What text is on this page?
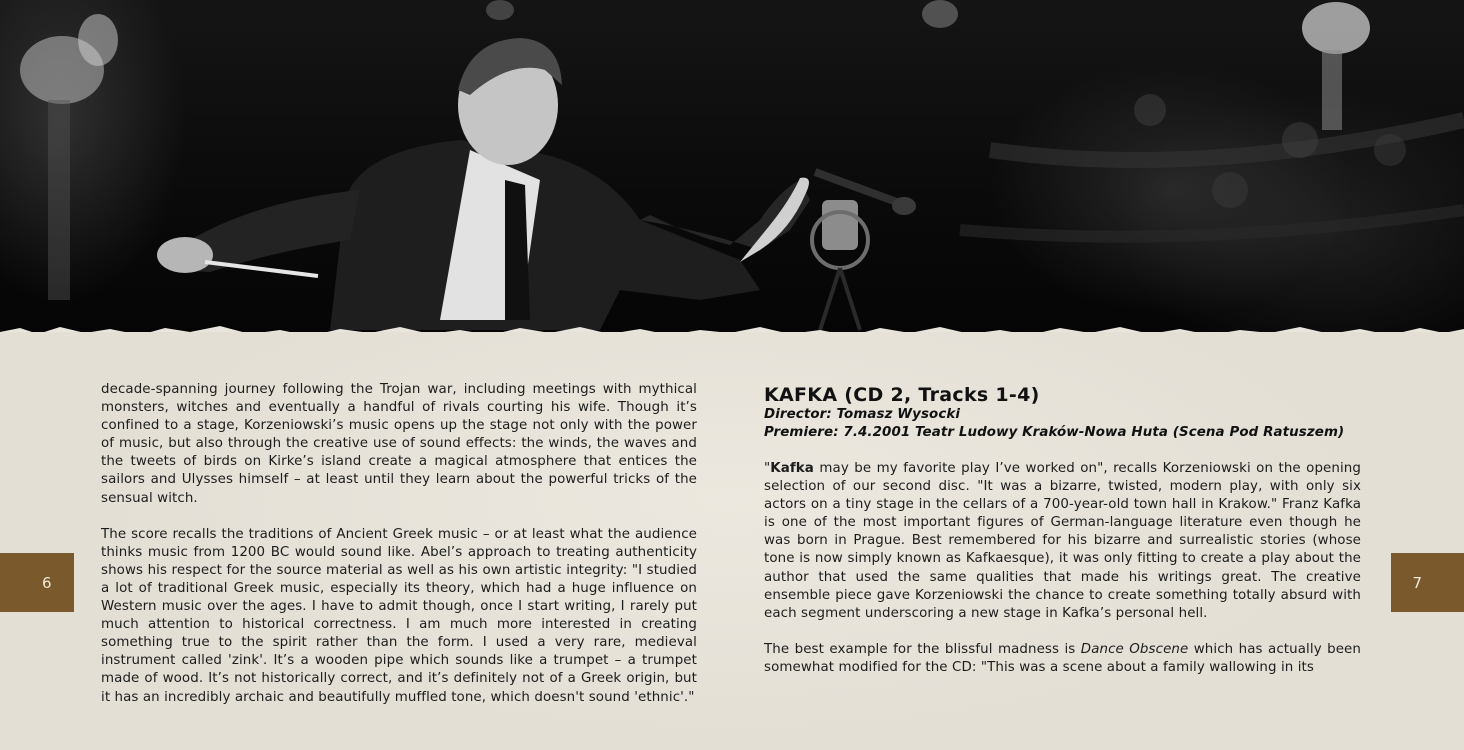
decade-spanning journey following the Trojan war, including meetings with mythical monsters, witches and eventually a handful of rivals courting his wife. Though it’s confined to a stage, Korzeniowski’s music opens up the stage not only with the power of music, but also through the creative use of sound effects: the winds, the waves and the tweets of birds on Kirke’s island create a magical atmosphere that entices the sailors and Ulysses himself – at least until they learn about the powerful tricks of the sensual witch.

The score recalls the traditions of Ancient Greek music – or at least what the audience thinks music from 1200 BC would sound like. Abel’s approach to treating authenticity shows his respect for the source material as well as his own artistic integrity: "I studied a lot of traditional Greek music, especially its theory, which had a huge influence on Western music over the ages. I have to admit though, once I start writing, I rarely put much attention to historical correctness. I am much more interested in creating something true to the spirit rather than the form. I used a very rare, medieval instrument called 'zink'. It’s a wooden pipe which sounds like a trumpet – a trumpet made of wood. It’s not historically correct, and it’s definitely not of a Greek origin, but it has an incredibly archaic and beautifully muffled tone, which doesn't sound 'ethnic'."

KAFKA (CD 2, Tracks 1-4)
Director: Tomasz Wysocki
Premiere: 7.4.2001 Teatr Ludowy Kraków-Nowa Huta (Scena Pod Ratuszem)

"Kafka may be my favorite play I’ve worked on", recalls Korzeniowski on the opening selection of our second disc. "It was a bizarre, twisted, modern play, with only six actors on a tiny stage in the cellars of a 700-year-old town hall in Krakow." Franz Kafka is one of the most important figures of German-language literature even though he was born in Prague. Best remembered for his bizarre and surrealistic stories (whose tone is now simply known as Kafkaesque), it was only fitting to create a play about the author that used the same qualities that made his writings great. The creative ensemble piece gave Korzeniowski the chance to create something totally absurd with each segment underscoring a new stage in Kafka’s personal hell.

The best example for the blissful madness is Dance Obscene which has actually been somewhat modified for the CD: "This was a scene about a family wallowing in its

6	7
